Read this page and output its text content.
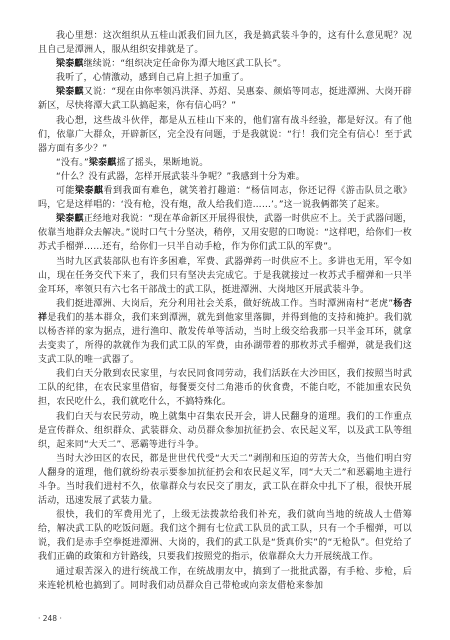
我心里想：这次组织从五桂山派我们回九区，我是搞武装斗争的，这有什么意见呢？况且自己是潭洲人，服从组织安排就是了。

梁泰麒继续说：“组织决定任命你为潭大地区武工队长”。

我听了，心情激动，感到自己肩上担子加重了。

梁泰麒又说：“现在由你率领冯洪泽、苏炤、吴惠泰、颜焰等同志，挺进潭洲、大岗开辟新区，尽快将潭大武工队搞起来，你有信心吗？”

我心想，这些战斗伙伴，都是从五桂山下来的，他们富有战斗经验，都是好汉。有了他们，依靠广大群众，开辟新区，完全没有问题，于是我就说：“行！我们完全有信心！至于武器方面有多少？”

“没有。”梁泰麒摇了摇头，果断地说。

“什么？没有武器，怎样开展武装斗争呢？”我感到十分为难。

可能梁泰麒看到我面有难色，就笑着打趣道：“杨信同志，你还记得《游击队员之歌》吗，它是这样唱的：‘没有枪，没有炮，敌人给我们造……’。”这一说我俩都笑了起来。

梁泰麒正经地对我说：“现在革命新区开展得很快，武器一时供应不上。关于武器问题，依靠当地群众去解决。”说时口气十分坚决，稍停，又用安慰的口吻说：“这样吧，给你们一枚苏式手榴弹……还有，给你们一只半自动手枪，作为你们武工队的军费”。

当时九区武装部队也有许多困难，军费、武器弹药一时供应不上。多讲也无用，军令如山，现在任务交代下来了，我们只有坚决去完成它。于是我就接过一枚苏式手榴弹和一只半金耳环，率领只有六七名干部战士的武工队，挺进潭洲、大岗地区开展武装斗争。

我们挺进潭洲、大岗后，充分利用社会关系，做好统战工作。当时潭洲南村“老虎”杨杏祥是我们的基本群众，我们来到潭洲，就先到他家里落脚，并得到他的支持和掩护。我们就以杨杏祥的家为据点，进行渔印、散发传单等活动，当时上级交给我那一只半金耳环，就拿去变卖了，所得的款就作为我们武工队的军费，由孙湖带着的那枚苏式手榴弹，就是我们这支武工队的唯一武器了。

我们白天分散到农民家里，与农民同食同劳动，我们活跃在大沙田区，我们按照当时武工队的纪律，在农民家里借宿，每餐要交付二角港币的伙食费，不能白吃，不能加重农民负担，农民吃什么，我们就吃什么，不搞特殊化。

我们白天与农民劳动，晚上就集中召集农民开会，讲人民翻身的道理。我们的工作重点是宣传群众、组织群众、武装群众、动员群众参加抗征扔会、农民起义军，以及武工队等组织，起来同“大天二”、恶霸等进行斗争。

当时大沙田区的农民，都是世世代代受“大天二”剥削和压迫的劳苦大众，当他们明白穷人翻身的道理，他们就纷纷表示要参加抗征扔会和农民起义军，同“大天二”和恶霸地主进行斗争。当时我们进村不久，依靠群众与农民交了朋友，武工队在群众中扎下了根，很快开展活动，迅速发展了武装力量。

很快，我们的军费用光了，上级无法拨款给我们补充，我们就向当地的统战人士借筹给，解决武工队的吃饭问题。我们这个拥有七位武工队员的武工队，只有一个手榴弹，可以说，我们是赤手空拳挺进潭洲、大岗的，我们的武工队是“货真价实”的“无枪队”。但党给了我们正确的政策和方针路线，只要我们按照党的指示，依靠群众大力开展统战工作。

通过艰苦深入的进行统战工作，在统战朋友中，搞到了一批批武器，有手枪、步枪，后来连轮机枪也搞到了。同时我们动员群众自己带枪或向亲友借枪来参加

· 248 ·
